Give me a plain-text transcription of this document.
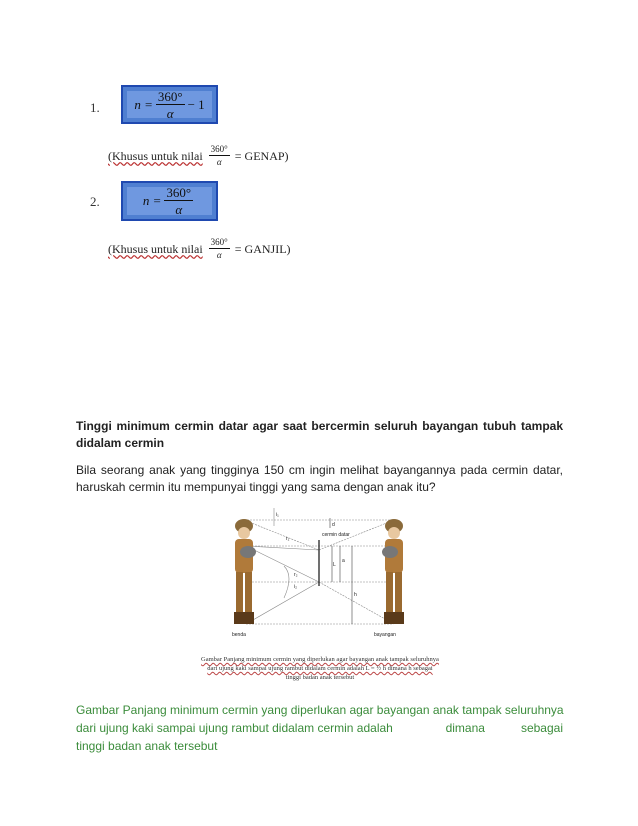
1.	$n = \frac{360^\circ}{\alpha} - 1$
(Khusus untuk nilai $\frac{360^\circ}{\alpha}$ = GENAP)
2.	$n = \frac{360^\circ}{\alpha}$
(Khusus untuk nilai $\frac{360^\circ}{\alpha}$ = GANJIL)
Tinggi minimum cermin datar agar saat bercermin seluruh bayangan tubuh tampak didalam cermin
Bila seorang anak yang tingginya 150 cm ingin melihat bayangannya pada cermin datar, haruskah cermin itu mempunyai tinggi yang sama dengan anak itu?
cermin datar
L
a
h
d
i₁
r₁
r₂
i₂
benda	bayangan
Gambar Panjang minimum cermin yang diperlukan agar bayangan anak tampak seluruhnya
dari ujung kaki sampai ujung rambut didalam cermin adalah L = ½ h dimana h sebagai
tinggi badan anak tersebut
Gambar Panjang minimum cermin yang diperlukan agar bayangan anak tampak seluruhnya
dari ujung kaki sampai ujung rambut didalam cermin adalah	dimana	sebagai
tinggi badan anak tersebut
